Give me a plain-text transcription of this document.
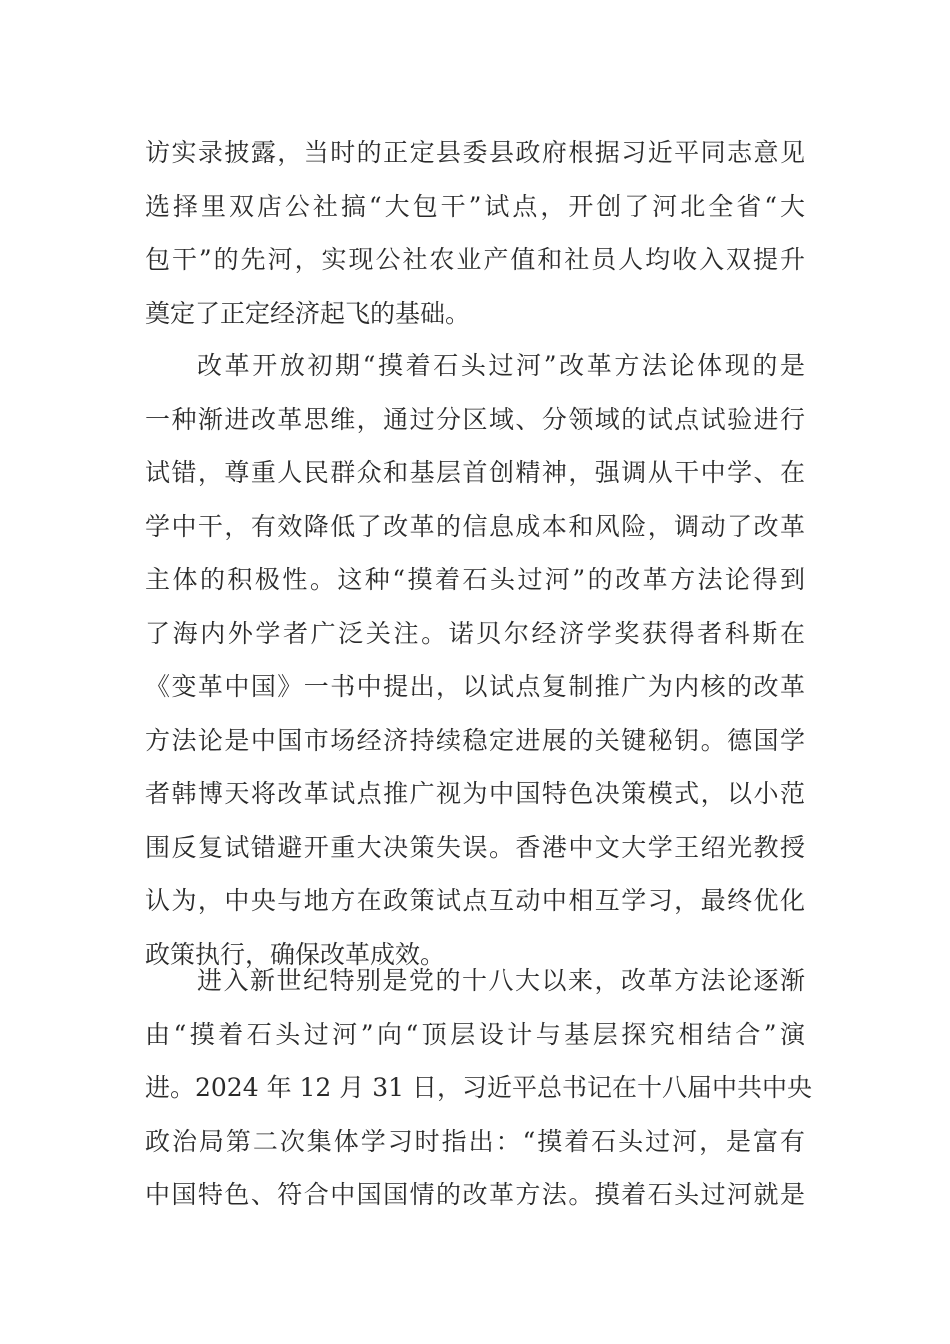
访实录披露，当时的正定县委县政府根据习近平同志意见
选择里双店公社搞“大包干”试点，开创了河北全省“大
包干”的先河，实现公社农业产值和社员人均收入双提升
奠定了正定经济起飞的基础。
改革开放初期“摸着石头过河”改革方法论体现的是
一种渐进改革思维，通过分区域、分领域的试点试验进行
试错，尊重人民群众和基层首创精神，强调从干中学、在
学中干，有效降低了改革的信息成本和风险，调动了改革
主体的积极性。这种“摸着石头过河”的改革方法论得到
了海内外学者广泛关注。诺贝尔经济学奖获得者科斯在
《变革中国》一书中提出，以试点复制推广为内核的改革
方法论是中国市场经济持续稳定进展的关键秘钥。德国学
者韩博天将改革试点推广视为中国特色决策模式，以小范
围反复试错避开重大决策失误。香港中文大学王绍光教授
认为，中央与地方在政策试点互动中相互学习，最终优化
政策执行，确保改革成效。
进入新世纪特别是党的十八大以来，改革方法论逐渐
由“摸着石头过河”向“顶层设计与基层探究相结合”演
进。2024 年 12 月 31 日，习近平总书记在十八届中共中央
政治局第二次集体学习时指出：“摸着石头过河，是富有
中国特色、符合中国国情的改革方法。摸着石头过河就是
